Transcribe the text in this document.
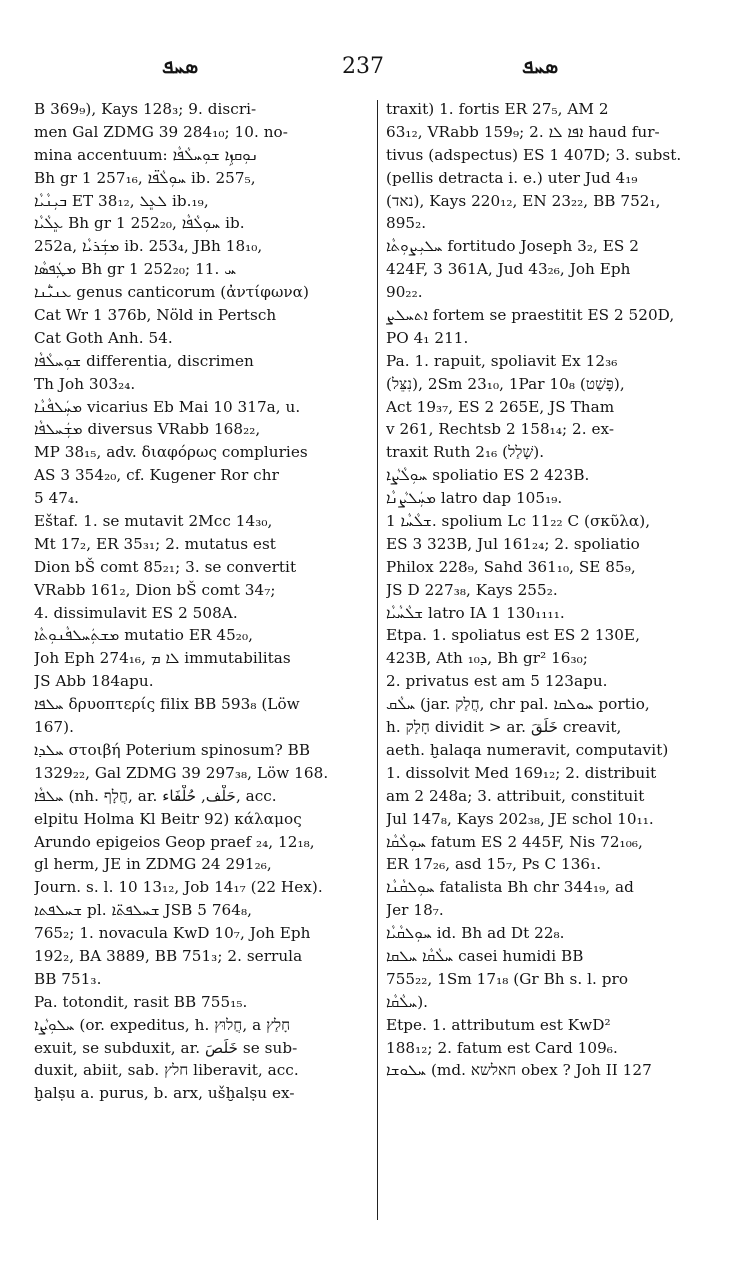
ܣܚܦ	237	ܣܚܦ
B 369₉), Kays 128₃; 9. discri-
men Gal ZDMG 39 284₁₀; 10. no-
mina accentuum: ܢܘܼܩܙܹܐ ܫܘܼܚܠܵܦܵܐ
Bh gr 1 257₁₆, ܚܘܼܠܵܦ̈ܐ ib. 257₅,
ܒܝܼܢܵܝܵܐ ET 38₁₂, ܠܥܸܠ ib.₁₉,
ܥܸܠܵܝܵܐ Bh gr 1 252₂₀, ܚܘܼܠܵܦܵܐ ib.
252a, ܡܫܲܪܝܵܐ ib. 253₄, JBh 18₁₀,
ܡܛܲܦܣܵܐ Bh gr 1 252₂₀; 11. ܚ
ܥܢܝ̈ܵܢܐ genus canticorum (ἀντίφωνα)
Cat Wr 1 376b, Nöld in Pertsch
Cat Goth Anh. 54.
ܫܘܼܚܠܵܦܵܐ differentia, discrimen
Th Joh 303₂₄.
ܡܚܲܠܦܵܢܵܐ vicarius Eb Mai 10 317a, u.
ܡܫܲܚܠܦܵܐ diversus VRabb 168₂₂,
MP 38₁₅, adv. διαφόρως compluries
AS 3 354₂₀, cf. Kugener Ror chr
5 47₄.
Eštaf. 1. se mutavit 2Mcc 14₃₀,
Mt 17₂, ER 35₃₁; 2. mutatus est
Dion bŠ comt 85₂₁; 3. se convertit
VRabb 161₂, Dion bŠ comt 34₇;
4. dissimulavit ES 2 508A.
ܡܫܬܲܚܠܦܵܢܘܼܬܵܐ mutatio ER 45₂₀,
Joh Eph 274₁₆, ܠܐ ܡ immutabilitas
JS Abb 184apu.
ܚܠܦܐ δρυοπτερίς filix BB 593₈ (Löw
167).
ܚܠܕܐ στοιβή Poterium spinosum? BB
1329₂₂, Gal ZDMG 39 297₃₈, Löw 168.
ܚܠܦܵܐ (nh. חֲלָף, ar. حَلْف, حُلْفَاء, acc.
elpitu Holma Kl Beitr 92) κάλαμος
Arundo epigeios Geop praef ₂₄, 12₁₈,
gl herm, JE in ZDMG 24 291₂₆,
Journ. s. l. 10 13₁₂, Job 14₁₇ (22 Hex).
ܫܚܠܦܬܐ pl. ܫܚܠܦܬ̈ܐ JSB 5 764₈,
765₂; 1. novacula KwD 10₇, Joh Eph
192₂, BA 3889, BB 751₃; 2. serrula
BB 751₃.
Pa. totondit, rasit BB 755₁₅.
ܚܠܘܼܨܵܐ (or. expeditus, h. חֲלוּץ, a חָלַץ
exuit, se subduxit, ar. خَلَصَ se sub-
duxit, abiit, sab. חלץ liberavit, acc.
ḫalṣu a. purus, b. arx, ušḫalṣu ex-
traxit) 1. fortis ER 27₅, AM 2
63₁₂, VRabb 159₉; 2. ܐܦܐ ܠܐ haud fur-
tivus (adspectus) ES 1 407D; 3. subst.
(pellis detracta i. e.) uter Jud 4₁₉
(נאד), Kays 220₁₂, EN 23₂₂, BB 752₁,
895₂.
ܚܠܝܼܨܘܼܬܵܐ fortitudo Joseph 3₂, ES 2
424F, 3 361A, Jud 43₂₆, Joh Eph
90₂₂.
ܐܬܚܠܨ fortem se praestitit ES 2 520D,
PO 4₁ 211.
Pa. 1. rapuit, spoliavit Ex 12₃₆
(נִצֵּל), 2Sm 23₁₀, 1Par 10₈ (פָּשַׁט),
Act 19₃₇, ES 2 265E, JS Tham
v 261, Rechtsb 2 158₁₄; 2. ex-
traxit Ruth 2₁₆ (שָׁלַל).
ܚܘܼܠܵܨܵܐ spoliatio ES 2 423B.
ܡܚܲܠܨܵܢܵܐ latro dap 105₁₉.
ܫܠܵܚܵܐ 1. spolium Lc 11₂₂ C (σκῦλα),
ES 3 323B, Jul 161₂₄; 2. spoliatio
Philox 228₉, Sahd 361₁₀, SE 85₉,
JS D 227₃₈, Kays 255₂.
ܫܠܵܚܵܝܵܐ latro IA 1 130₁₁₁₁.
Etpa. 1. spoliatus est ES 2 130E,
423B, Ath ܕ₁₀, Bh gr² 16₃₀;
2. privatus est am 5 123apu.
ܚܠܵܩ (jar. חֲלַק, chr pal. ܚܘܠܩܐ portio,
h. חָלַק dividit > ar. خَلَقَ creavit,
aeth. ḫalaqa numeravit, computavit)
1. dissolvit Med 169₁₂; 2. distribuit
am 2 248a; 3. attribuit, constituit
Jul 147₈, Kays 202₃₈, JE schol 10₁₁.
ܚܘܼܠܵܩܵܐ fatum ES 2 445F, Nis 72₁₀₆,
ER 17₂₆, asd 15₇, Ps C 136₁.
ܚܘܼܠܩܵܢܵܐ fatalista Bh chr 344₁₉, ad
Jer 18₇.
ܚܘܼܠܩܵܝܵܐ id. Bh ad Dt 22₈.
ܚܠܵܩܵܐ ܚܠܩܐ casei humidi BB
755₂₂, 1Sm 17₁₈ (Gr Bh s. l. pro
ܚܠܵܩܵܐ).
Etpe. 1. attributum est KwD²
188₁₂; 2. fatum est Card 109₆.
ܚܠܘܫܐ (md. חאלשא obex ? Joh II 127
